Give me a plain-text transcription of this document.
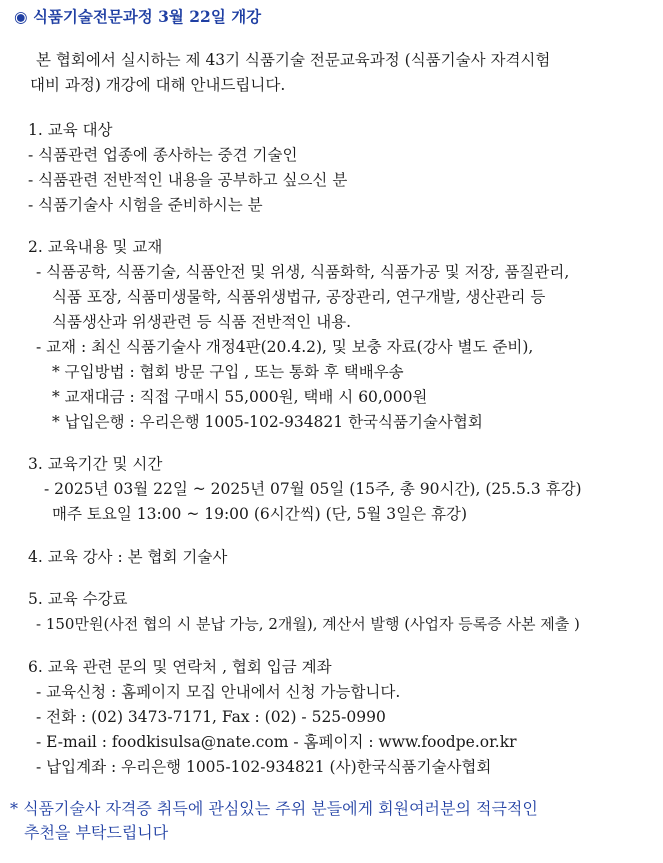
◉ 식품기술전문과정 3월 22일 개강
본 협회에서 실시하는 제 43기 식품기술 전문교육과정 (식품기술사 자격시험
대비 과정) 개강에 대해 안내드립니다.
1. 교육 대상
- 식품관련 업종에 종사하는 중견 기술인
- 식품관련 전반적인 내용을 공부하고 싶으신 분
- 식품기술사 시험을 준비하시는 분
2. 교육내용 및 교재
- 식품공학, 식품기술, 식품안전 및 위생, 식품화학, 식품가공 및 저장, 품질관리,
식품 포장, 식품미생물학, 식품위생법규, 공장관리, 연구개발, 생산관리 등
식품생산과 위생관련 등 식품 전반적인 내용.
- 교재 : 최신 식품기술사 개정4판(20.4.2), 및 보충 자료(강사 별도 준비),
* 구입방법 : 협회 방문 구입 , 또는 통화 후 택배우송
* 교재대금 : 직접 구매시 55,000원, 택배 시 60,000원
* 납입은행 : 우리은행 1005-102-934821 한국식품기술사협회
3. 교육기간 및 시간
- 2025년 03월 22일 ~ 2025년 07월 05일 (15주, 총 90시간), (25.5.3 휴강)
매주 토요일 13:00 ~ 19:00 (6시간씩) (단, 5월 3일은 휴강)
4. 교육 강사 : 본 협회 기술사
5. 교육 수강료
- 150만원(사전 협의 시 분납 가능, 2개월), 계산서 발행 (사업자 등록증 사본 제출 )
6. 교육 관련 문의 및 연락처 , 협회 입금 계좌
- 교육신청 : 홈페이지 모집 안내에서 신청 가능합니다.
- 전화 : (02) 3473-7171, Fax : (02) - 525-0990
- E-mail : foodkisulsa@nate.com - 홈페이지 : www.foodpe.or.kr
- 납입계좌 : 우리은행 1005-102-934821 (사)한국식품기술사협회
* 식품기술사 자격증 취득에 관심있는 주위 분들에게 회원여러분의 적극적인
추천을 부탁드립니다
